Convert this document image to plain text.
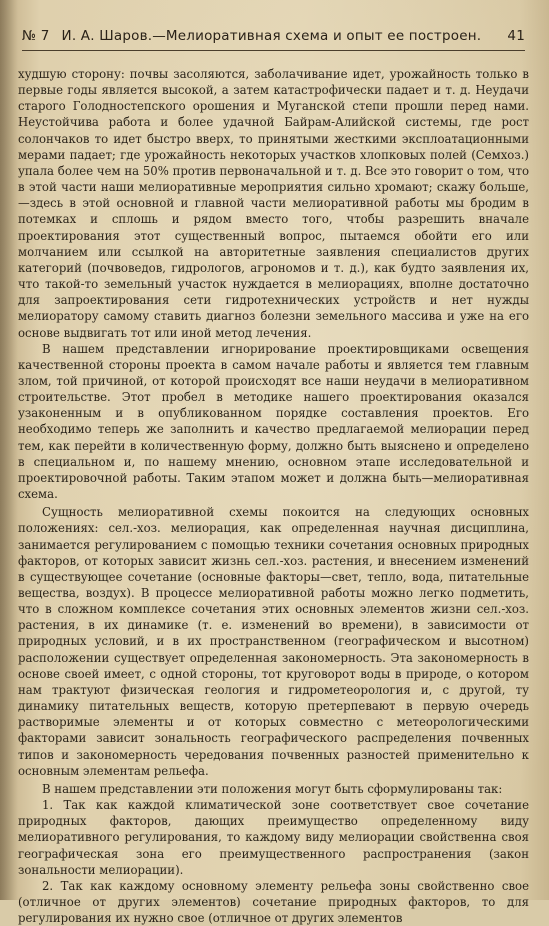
№ 7 И. А. Шаров.—Мелиоративная схема и опыт ее построен.	41

худшую сторону: почвы засоляются, заболачивание идет, урожайность только в первые годы является высокой, а затем катастрофически падает и т. д. Неудачи старого Голодностепского орошения и Муганской степи прошли перед нами. Неустойчива работа и более удачной Байрам-Алийской системы, где рост солончаков то идет быстро вверх, то принятыми жесткими эксплоатационными мерами падает; где урожайность некоторых участков хлопковых полей (Семхоз.) упала более чем на 50% против первоначальной и т. д. Все это говорит о том, что в этой части наши мелиоративные мероприятия сильно хромают; скажу больше,—здесь в этой основной и главной части мелиоративной работы мы бродим в потемках и сплошь и рядом вместо того, чтобы разрешить вначале проектирования этот существенный вопрос, пытаемся обойти его или молчанием или ссылкой на авторитетные заявления специалистов других категорий (почвоведов, гидрологов, агрономов и т. д.), как будто заявления их, что такой-то земельный участок нуждается в мелиорациях, вполне достаточно для запроектирования сети гидротехнических устройств и нет нужды мелиоратору самому ставить диагноз болезни земельного массива и уже на его основе выдвигать тот или иной метод лечения.

В нашем представлении игнорирование проектировщиками освещения качественной стороны проекта в самом начале работы и является тем главным злом, той причиной, от которой происходят все наши неудачи в мелиоративном строительстве. Этот пробел в методике нашего проектирования оказался узаконенным и в опубликованном порядке составления проектов. Его необходимо теперь же заполнить и качество предлагаемой мелиорации перед тем, как перейти в количественную форму, должно быть выяснено и определено в специальном и, по нашему мнению, основном этапе исследовательной и проектировочной работы. Таким этапом может и должна быть—мелиоративная схема.

Сущность мелиоративной схемы покоится на следующих основных положениях: сел.-хоз. мелиорация, как определенная научная дисциплина, занимается регулированием с помощью техники сочетания основных природных факторов, от которых зависит жизнь сел.-хоз. растения, и внесением изменений в существующее сочетание (основные факторы—свет, тепло, вода, питательные вещества, воздух). В процессе мелиоративной работы можно легко подметить, что в сложном комплексе сочетания этих основных элементов жизни сел.-хоз. растения, в их динамике (т. е. изменений во времени), в зависимости от природных условий, и в их пространственном (географическом и высотном) расположении существует определенная закономерность. Эта закономерность в основе своей имеет, с одной стороны, тот круговорот воды в природе, о котором нам трактуют физическая геология и гидрометеорология и, с другой, ту динамику питательных веществ, которую претерпевают в первую очередь растворимые элементы и от которых совместно с метеорологическими факторами зависит зональность географического распределения почвенных типов и закономерность чередования почвенных разностей применительно к основным элементам рельефа.

В нашем представлении эти положения могут быть сформулированы так:

1. Так как каждой климатической зоне соответствует свое сочетание природных факторов, дающих преимущество определенному виду мелиоративного регулирования, то каждому виду мелиорации свойственна своя географическая зона его преимущественного распространения (закон зональности мелиорации).

2. Так как каждому основному элементу рельефа зоны свойственно свое (отличное от других элементов) сочетание природных факторов, то для регулирования их нужно свое (отличное от других элементов
